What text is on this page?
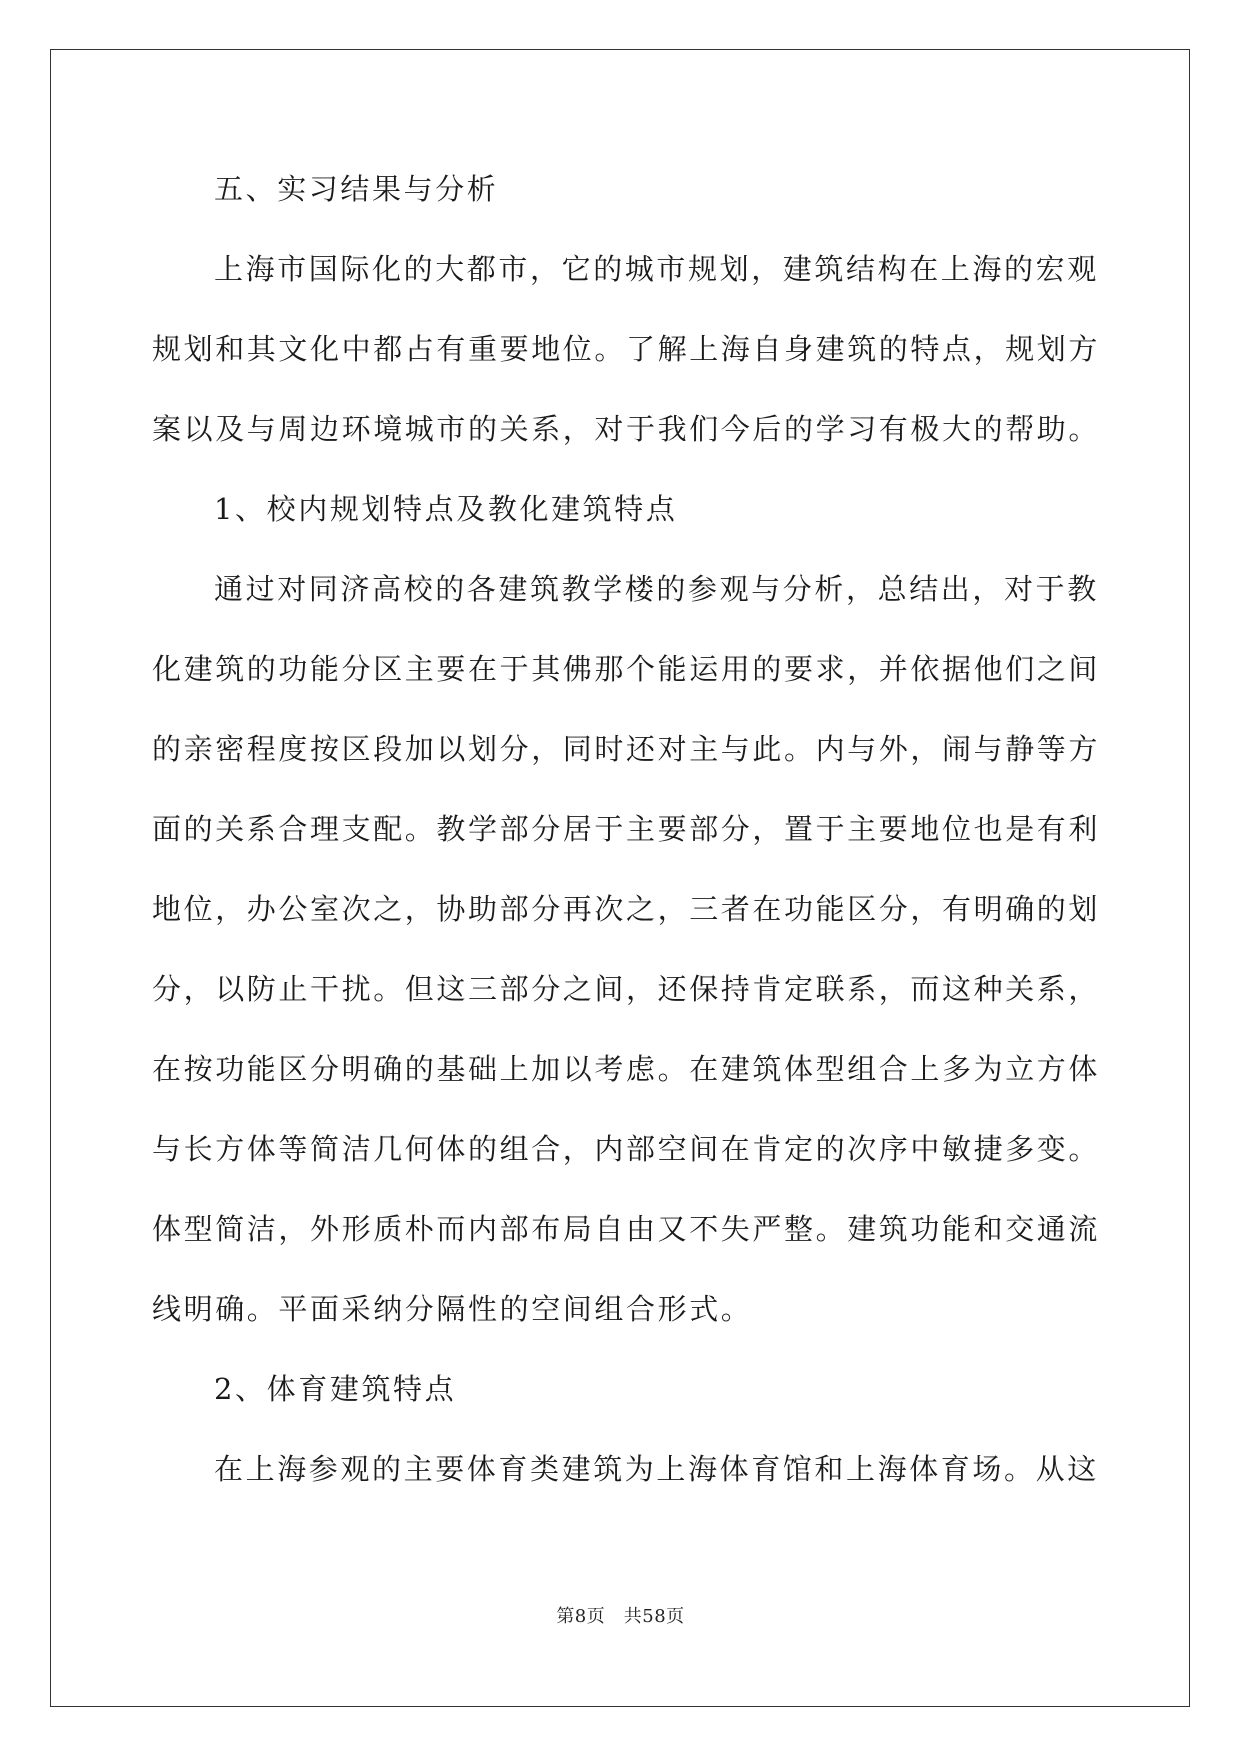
五、实习结果与分析
上海市国际化的大都市，它的城市规划，建筑结构在上海的宏观
规划和其文化中都占有重要地位。了解上海自身建筑的特点，规划方
案以及与周边环境城市的关系，对于我们今后的学习有极大的帮助。
1、校内规划特点及教化建筑特点
通过对同济高校的各建筑教学楼的参观与分析，总结出，对于教
化建筑的功能分区主要在于其佛那个能运用的要求，并依据他们之间
的亲密程度按区段加以划分，同时还对主与此。内与外，闹与静等方
面的关系合理支配。教学部分居于主要部分，置于主要地位也是有利
地位，办公室次之，协助部分再次之，三者在功能区分，有明确的划
分，以防止干扰。但这三部分之间，还保持肯定联系，而这种关系，
在按功能区分明确的基础上加以考虑。在建筑体型组合上多为立方体
与长方体等简洁几何体的组合，内部空间在肯定的次序中敏捷多变。
体型简洁，外形质朴而内部布局自由又不失严整。建筑功能和交通流
线明确。平面采纳分隔性的空间组合形式。
2、体育建筑特点
在上海参观的主要体育类建筑为上海体育馆和上海体育场。从这
第8页　共58页
